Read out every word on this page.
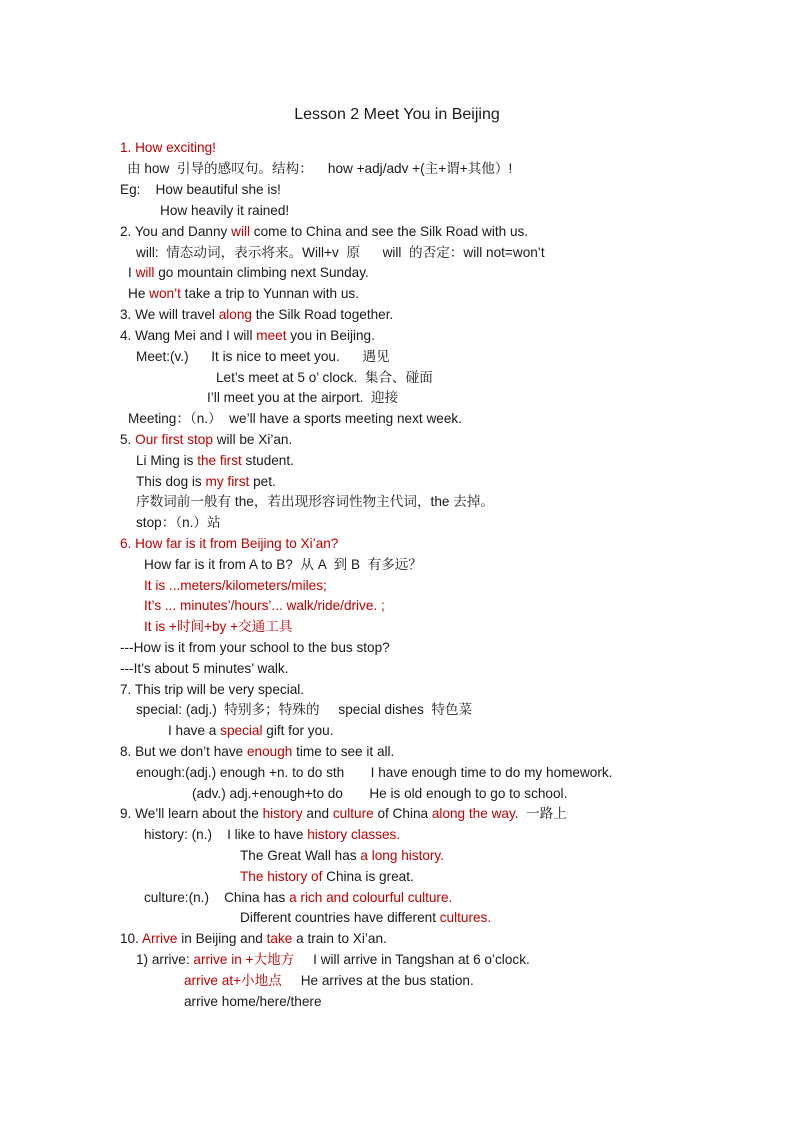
Lesson 2 Meet You in Beijing
1. How exciting!
由 how  引导的感叹句。结构：    how +adj/adv +(主+谓+其他）!
Eg:    How beautiful she is!
How heavily it rained!
2. You and Danny will come to China and see the Silk Road with us.
will:  情态动词，表示将来。Will+v  原      will  的否定：will not=won’t
I will go mountain climbing next Sunday.
He won’t take a trip to Yunnan with us.
3. We will travel along the Silk Road together.
4. Wang Mei and I will meet you in Beijing.
Meet:(v.)      It is nice to meet you.      遇见
Let’s meet at 5 o’ clock.  集合、碰面
I’ll meet you at the airport.  迎接
Meeting：（n.）  we’ll have a sports meeting next week.
5. Our first stop will be Xi’an.
Li Ming is the first student.
This dog is my first pet.
序数词前一般有 the，若出现形容词性物主代词，the 去掉。
stop：（n.）站
6. How far is it from Beijing to Xi’an?
How far is it from A to B?  从 A  到 B  有多远？
It is ...meters/kilometers/miles;
It’s ... minutes’/hours’... walk/ride/drive. ;
It is +时间+by +交通工具
---How is it from your school to the bus stop?
---It’s about 5 minutes’ walk.
7. This trip will be very special.
special: (adj.)  特别多；特殊的     special dishes  特色菜
I have a special gift for you.
8. But we don’t have enough time to see it all.
enough:(adj.) enough +n. to do sth       I have enough time to do my homework.
(adv.) adj.+enough+to do       He is old enough to go to school.
9. We’ll learn about the history and culture of China along the way.  一路上
history: (n.)    I like to have history classes.
The Great Wall has a long history.
The history of China is great.
culture:(n.)    China has a rich and colourful culture.
Different countries have different cultures.
10. Arrive in Beijing and take a train to Xi’an.
1) arrive: arrive in +大地方     I will arrive in Tangshan at 6 o’clock.
arrive at+小地点     He arrives at the bus station.
arrive home/here/there
